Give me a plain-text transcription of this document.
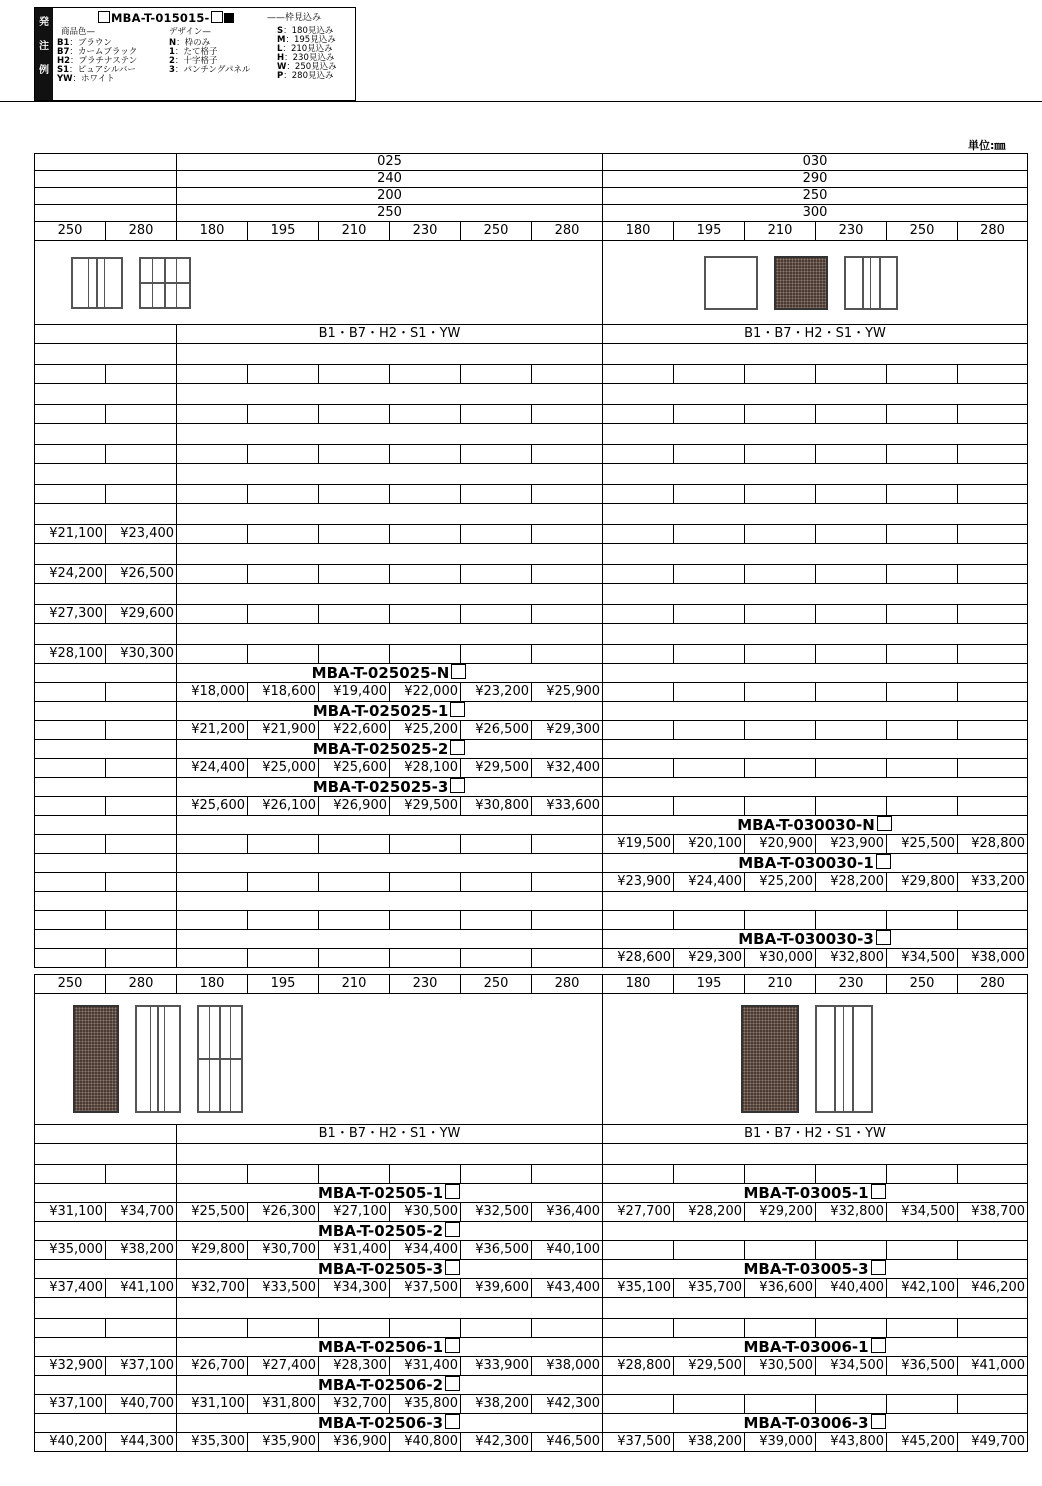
発
注
例
MBA-T-015015-	——枠見込み
商品色—	デザイン—
B1：ブラウン
B7：カームブラック
H2：プラチナステン
S1：ピュアシルバー
YW：ホワイト
N：枠のみ
1：たて格子
2：十字格子
3：パンチングパネル
S：180見込み
M：195見込み
L：210見込み
H：230見込み
W：250見込み
P：280見込み
単位:㎜
		025						030					
		240						290					
		200						250					
		250						300					
250	280	180	195	210	230	250	280	180	195	210	230	250	280

		B1・B7・H2・S1・YW						B1・B7・H2・S1・YW					

¥21,100	¥23,400												

¥24,200	¥26,500												

¥27,300	¥29,600												

¥28,100	¥30,300												
		MBA-T-025025-N											
		¥18,000	¥18,600	¥19,400	¥22,000	¥23,200	¥25,900						
		MBA-T-025025-1											
		¥21,200	¥21,900	¥22,600	¥25,200	¥26,500	¥29,300						
		MBA-T-025025-2											
		¥24,400	¥25,000	¥25,600	¥28,100	¥29,500	¥32,400						
		MBA-T-025025-3											
		¥25,600	¥26,100	¥26,900	¥29,500	¥30,800	¥33,600						
								MBA-T-030030-N					
								¥19,500	¥20,100	¥20,900	¥23,900	¥25,500	¥28,800
								MBA-T-030030-1					
								¥23,900	¥24,400	¥25,200	¥28,200	¥29,800	¥33,200

								MBA-T-030030-3					
								¥28,600	¥29,300	¥30,000	¥32,800	¥34,500	¥38,000
250	280	180	195	210	230	250	280	180	195	210	230	250	280

		B1・B7・H2・S1・YW						B1・B7・H2・S1・YW					

		MBA-T-02505-1						MBA-T-03005-1					
¥31,100	¥34,700	¥25,500	¥26,300	¥27,100	¥30,500	¥32,500	¥36,400	¥27,700	¥28,200	¥29,200	¥32,800	¥34,500	¥38,700
		MBA-T-02505-2											
¥35,000	¥38,200	¥29,800	¥30,700	¥31,400	¥34,400	¥36,500	¥40,100						
		MBA-T-02505-3						MBA-T-03005-3					
¥37,400	¥41,100	¥32,700	¥33,500	¥34,300	¥37,500	¥39,600	¥43,400	¥35,100	¥35,700	¥36,600	¥40,400	¥42,100	¥46,200

		MBA-T-02506-1						MBA-T-03006-1					
¥32,900	¥37,100	¥26,700	¥27,400	¥28,300	¥31,400	¥33,900	¥38,000	¥28,800	¥29,500	¥30,500	¥34,500	¥36,500	¥41,000
		MBA-T-02506-2											
¥37,100	¥40,700	¥31,100	¥31,800	¥32,700	¥35,800	¥38,200	¥42,300						
		MBA-T-02506-3						MBA-T-03006-3					
¥40,200	¥44,300	¥35,300	¥35,900	¥36,900	¥40,800	¥42,300	¥46,500	¥37,500	¥38,200	¥39,000	¥43,800	¥45,200	¥49,700
